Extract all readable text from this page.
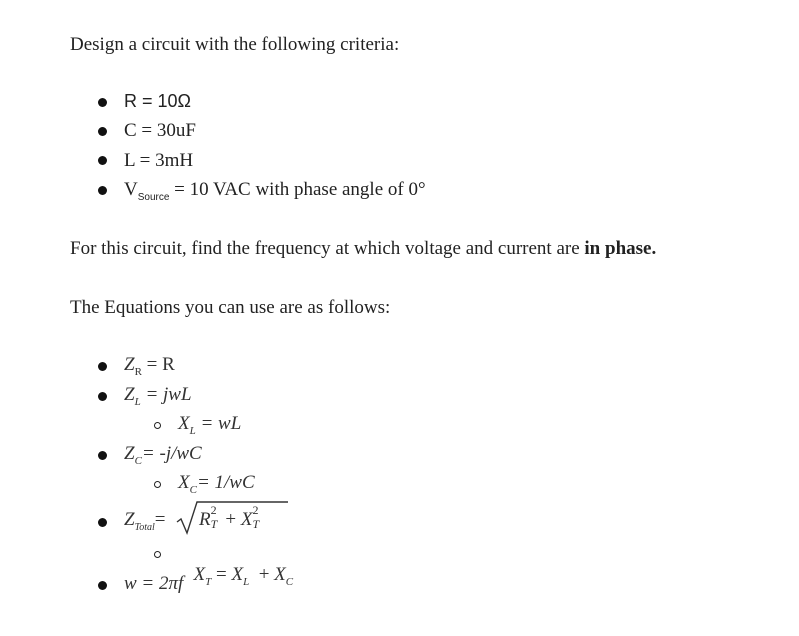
Design a circuit with the following criteria:
R = 10Ω
C = 30uF
L = 3mH
$V_{Source} = 10$ VAC with phase angle of 0°
For this circuit, find the frequency at which voltage and current are in phase.
The Equations you can use are as follows:
$Z_R = R$
$Z_L$ = jwL
$X_L$ = wL
$Z_C= -j/wC$
$X_C= 1/wC$
$Z_{Total}= R$ 2
T + X 2
T

$X_T = X_L + X_C$

w = 2πf
